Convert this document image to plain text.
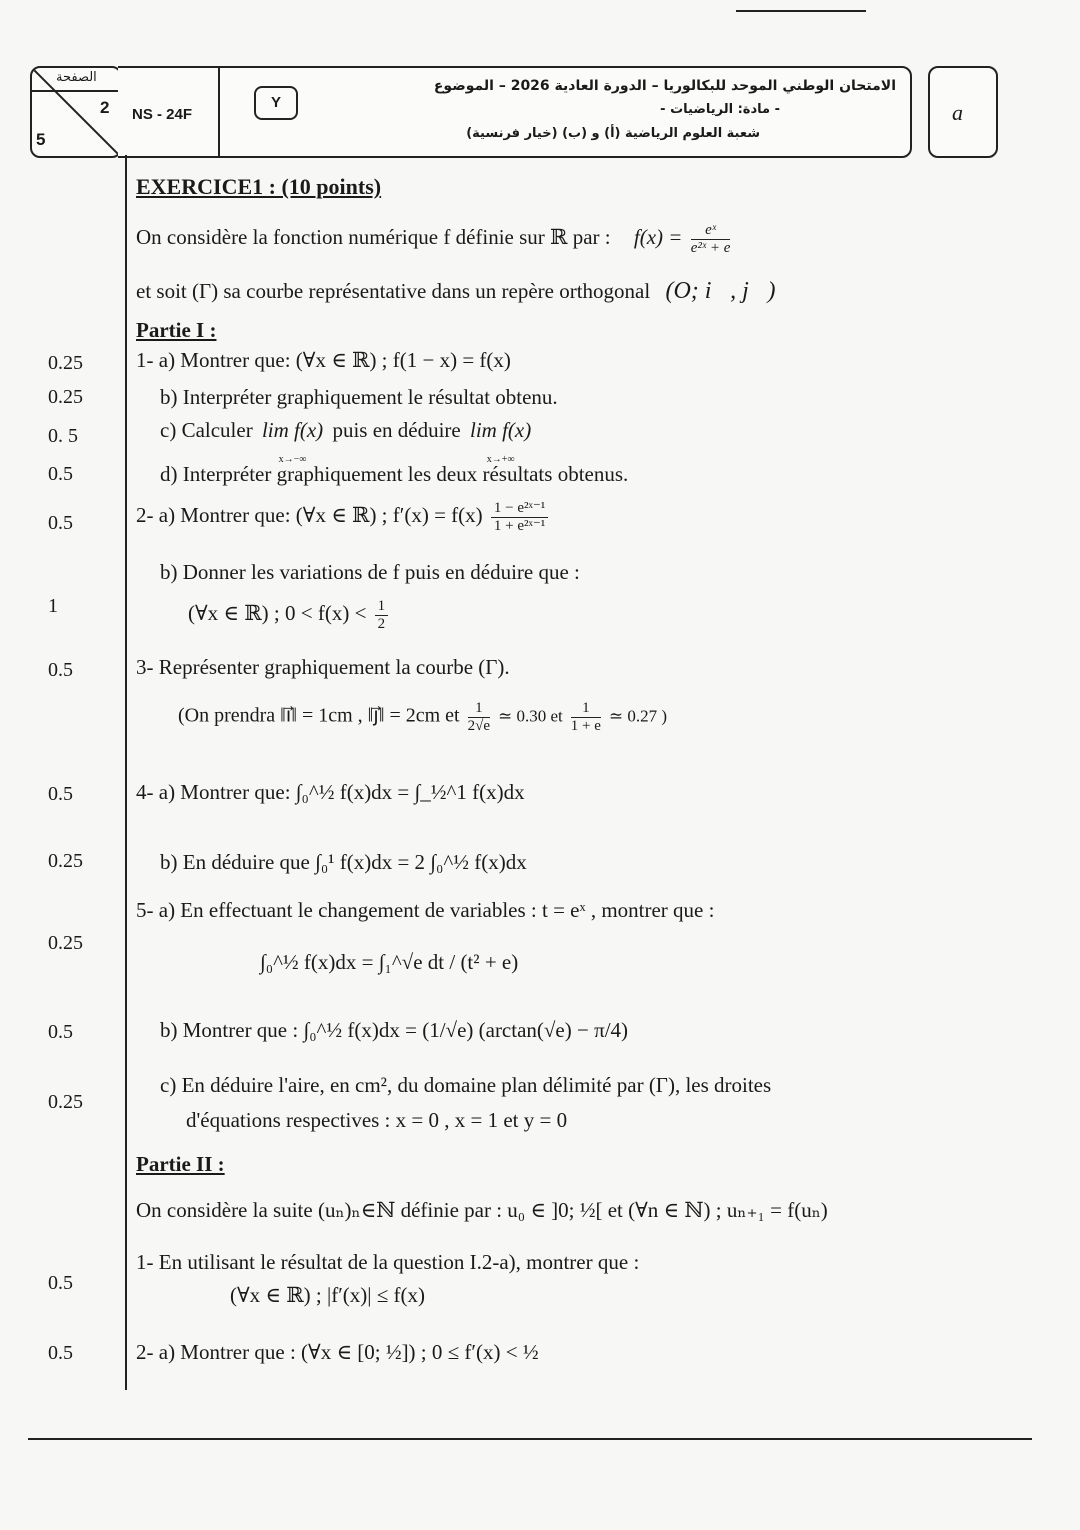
الصفحة
2
5
NS - 24F
Y
الامتحان الوطني الموحد للبكالوريا – الدورة العادية 2026 – الموضوع
- مادة: الرياضيات -
شعبة العلوم الرياضية (أ) و (ب) (خيار فرنسية)
a
0.25
0.25
0. 5
0.5
0.5
1
0.5
0.5
0.25
0.25
0.5
0.25
0.5
0.5
EXERCICE1 : (10 points)
On considère la fonction numérique f définie sur ℝ par : $f(x) = \frac{\text{eˣ}}{\text{e²ˣ + e}}$
et soit (Γ) sa courbe représentative dans un repère orthogonal (O; i⃗, j⃗)
Partie I :
1- a) Montrer que: (∀x ∈ ℝ) ; f(1 − x) = f(x)
b) Interpréter graphiquement le résultat obtenu.
c) Calculer lim f(x)
x→−∞ puis en déduire lim f(x)
x→+∞
d) Interpréter graphiquement les deux résultats obtenus.
2- a) Montrer que: (∀x ∈ ℝ) ; $f'(x) = f(x) \frac{\text{1 − e²ˣ⁻¹}}{\text{1 + e²ˣ⁻¹}}$
b) Donner les variations de f puis en déduire que :
(∀x ∈ ℝ) ; $0 < f(x) < \frac{1}{2}$
3- Représenter graphiquement la courbe (Γ).
(On prendra ‖i⃗‖ = 1cm , ‖j⃗‖ = 2cm et $\frac{1}{2√e}$ ≃ 0.30 et $\frac{1}{1 + e}$ ≃ 0.27 )
4- a) Montrer que: ∫₀^½ f(x)dx = ∫_½^1 f(x)dx
b) En déduire que ∫₀¹ f(x)dx = 2 ∫₀^½ f(x)dx
5- a) En effectuant le changement de variables : t = eˣ , montrer que :
∫₀^½ f(x)dx = ∫₁^√e dt / (t² + e)
b) Montrer que : ∫₀^½ f(x)dx = (1/√e) (arctan(√e) − π/4)
c) En déduire l'aire, en cm², du domaine plan délimité par (Γ), les droites
d'équations respectives : x = 0 , x = 1 et y = 0
Partie II :
On considère la suite (uₙ)ₙ∈ℕ définie par : u₀ ∈ ]0; ½[ et (∀n ∈ ℕ) ; uₙ₊₁ = f(uₙ)
1- En utilisant le résultat de la question I.2-a), montrer que :
(∀x ∈ ℝ) ; |f′(x)| ≤ f(x)
2- a) Montrer que : (∀x ∈ [0; ½]) ; 0 ≤ f′(x) < ½
